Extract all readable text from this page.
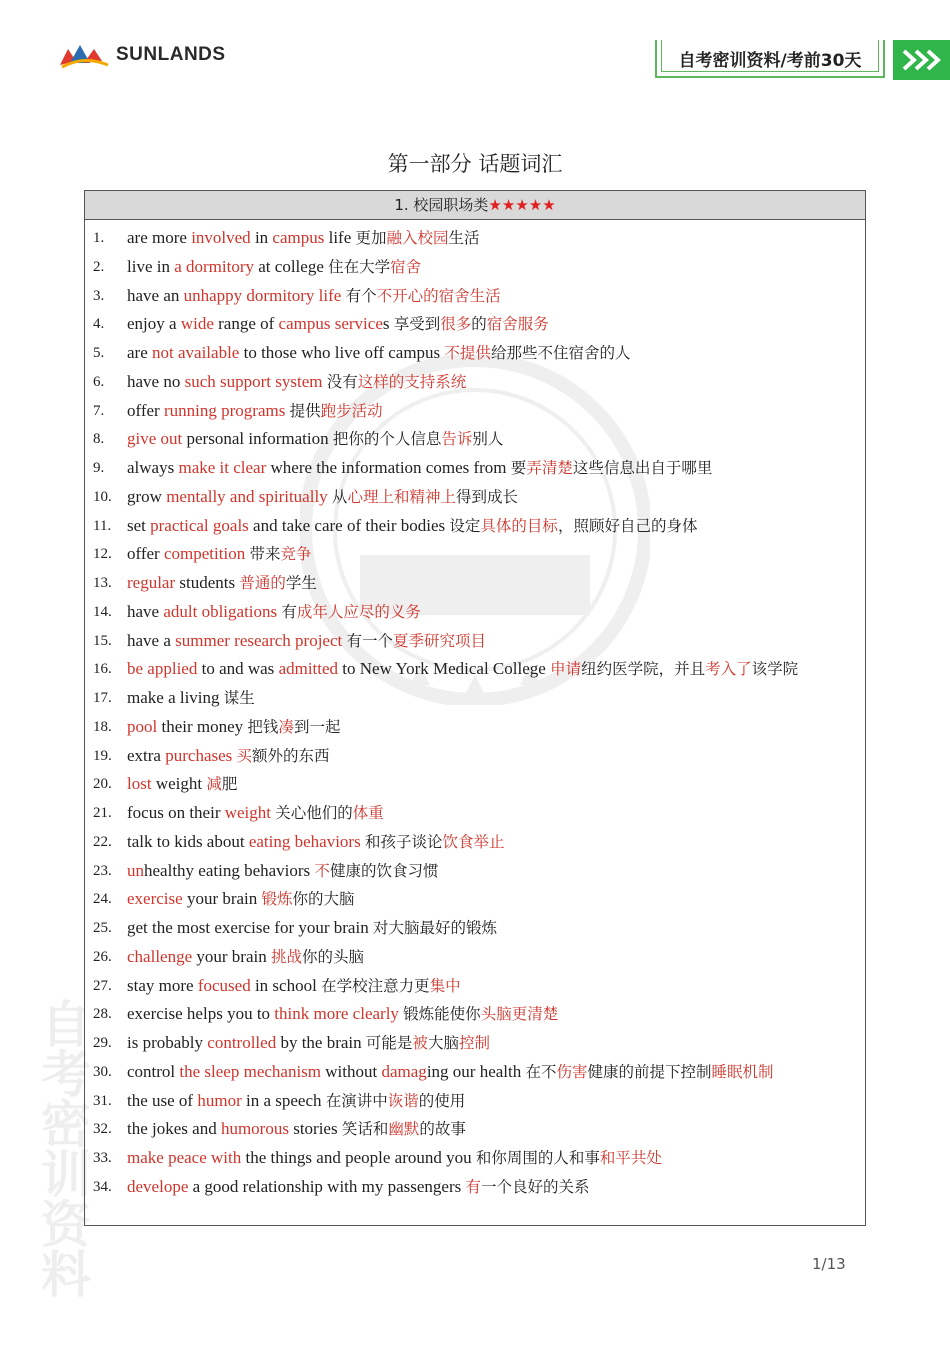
SUNLANDS	自考密训资料/考前30天
自
考
密
训
资
料
第一部分 话题词汇
1. 校园职场类★★★★★
1.	are more involved in campus life 更加融入校园生活
2.	live in a dormitory at college 住在大学宿舍
3.	have an unhappy dormitory life 有个不开心的宿舍生活
4.	enjoy a wide range of campus services 享受到很多的宿舍服务
5.	are not available to those who live off campus 不提供给那些不住宿舍的人
6.	have no such support system 没有这样的支持系统
7.	offer running programs 提供跑步活动
8.	give out personal information 把你的个人信息告诉别人
9.	always make it clear where the information comes from 要弄清楚这些信息出自于哪里
10. grow mentally and spiritually 从心理上和精神上得到成长
11. set practical goals and take care of their bodies 设定具体的目标，照顾好自己的身体
12. offer competition 带来竞争
13. regular students 普通的学生
14. have adult obligations 有成年人应尽的义务
15. have a summer research project 有一个夏季研究项目
16. be applied to and was admitted to New York Medical College 申请纽约医学院，并且考入了该学院
17. make a living 谋生
18. pool their money 把钱凑到一起
19. extra purchases 买额外的东西
20. lost weight 减肥
21. focus on their weight 关心他们的体重
22. talk to kids about eating behaviors 和孩子谈论饮食举止
23. unhealthy eating behaviors 不健康的饮食习惯
24. exercise your brain 锻炼你的大脑
25. get the most exercise for your brain 对大脑最好的锻炼
26. challenge your brain 挑战你的头脑
27. stay more focused in school 在学校注意力更集中
28. exercise helps you to think more clearly 锻炼能使你头脑更清楚
29. is probably controlled by the brain 可能是被大脑控制
30. control the sleep mechanism without damaging our health 在不伤害健康的前提下控制睡眠机制
31. the use of humor in a speech 在演讲中诙谐的使用
32. the jokes and humorous stories 笑话和幽默的故事
33. make peace with the things and people around you 和你周围的人和事和平共处
34. develope a good relationship with my passengers 有一个良好的关系
1/13
